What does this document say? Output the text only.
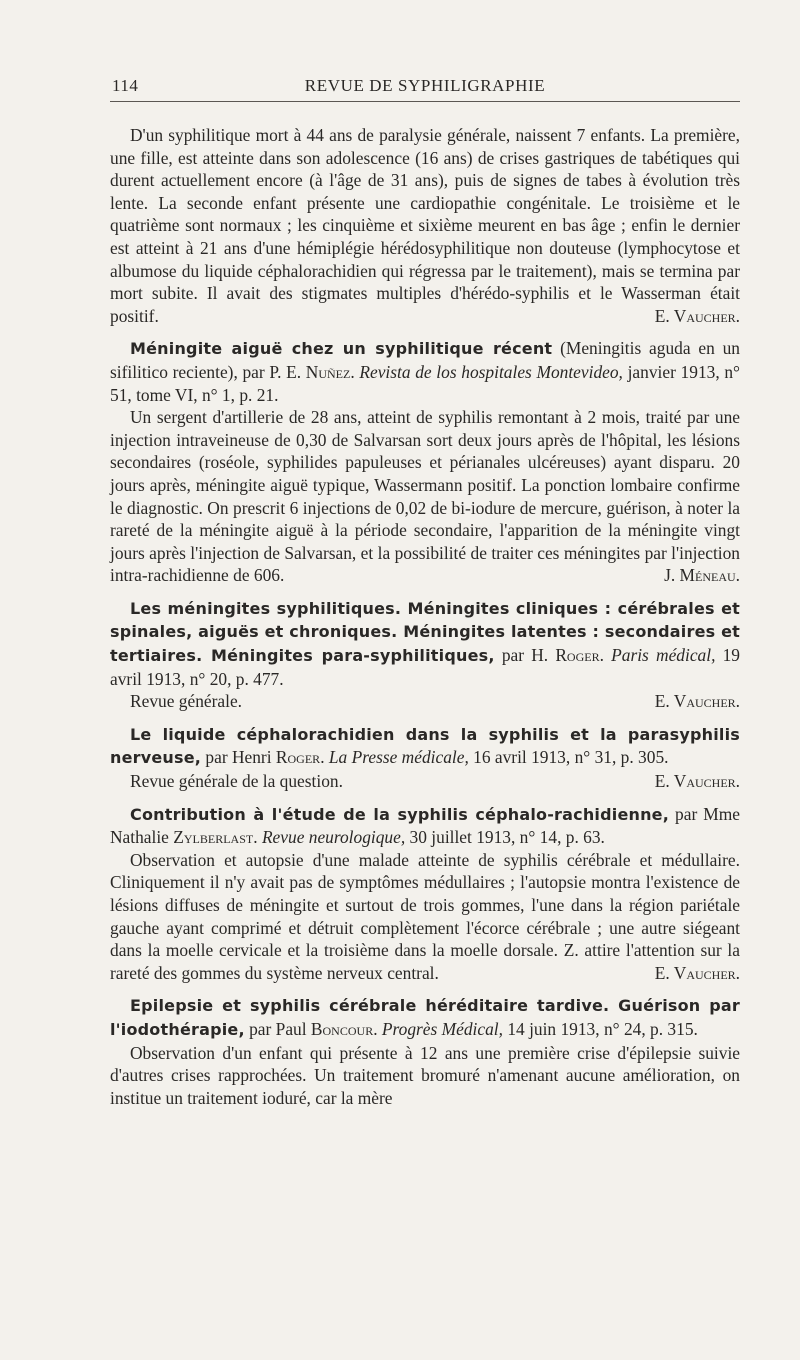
114	REVUE DE SYPHILIGRAPHIE

D'un syphilitique mort à 44 ans de paralysie générale, naissent 7 enfants. La première, une fille, est atteinte dans son adolescence (16 ans) de crises gastriques de tabétiques qui durent actuellement encore (à l'âge de 31 ans), puis de signes de tabes à évolution très lente. La seconde enfant présente une cardiopathie congénitale. Le troisième et le quatrième sont normaux ; les cinquième et sixième meurent en bas âge ; enfin le dernier est atteint à 21 ans d'une hémiplégie hérédosyphilitique non douteuse (lymphocytose et albumose du liquide céphalorachidien qui régressa par le traitement), mais se termina par mort subite. Il avait des stigmates multiples d'hérédo-syphilis et le Wasserman était positif.	E. Vaucher.

Méningite aiguë chez un syphilitique récent (Meningitis aguda en un sifilitico reciente), par P. E. Nuñez. Revista de los hospitales Montevideo, janvier 1913, n° 51, tome VI, n° 1, p. 21.

Un sergent d'artillerie de 28 ans, atteint de syphilis remontant à 2 mois, traité par une injection intraveineuse de 0,30 de Salvarsan sort deux jours après de l'hôpital, les lésions secondaires (roséole, syphilides papuleuses et périanales ulcéreuses) ayant disparu. 20 jours après, méningite aiguë typique, Wassermann positif. La ponction lombaire confirme le diagnostic. On prescrit 6 injections de 0,02 de bi-iodure de mercure, guérison, à noter la rareté de la méningite aiguë à la période secondaire, l'apparition de la méningite vingt jours après l'injection de Salvarsan, et la possibilité de traiter ces méningites par l'injection intra-rachidienne de 606.	J. Méneau.

Les méningites syphilitiques. Méningites cliniques : cérébrales et spinales, aiguës et chroniques. Méningites latentes : secondaires et tertiaires. Méningites para-syphilitiques, par H. Roger. Paris médical, 19 avril 1913, n° 20, p. 477.

Revue générale.	E. Vaucher.

Le liquide céphalorachidien dans la syphilis et la parasyphilis nerveuse, par Henri Roger. La Presse médicale, 16 avril 1913, n° 31, p. 305.

Revue générale de la question.	E. Vaucher.

Contribution à l'étude de la syphilis céphalo-rachidienne, par Mme Nathalie Zylberlast. Revue neurologique, 30 juillet 1913, n° 14, p. 63.

Observation et autopsie d'une malade atteinte de syphilis cérébrale et médullaire. Cliniquement il n'y avait pas de symptômes médullaires ; l'autopsie montra l'existence de lésions diffuses de méningite et surtout de trois gommes, l'une dans la région pariétale gauche ayant comprimé et détruit complètement l'écorce cérébrale ; une autre siégeant dans la moelle cervicale et la troisième dans la moelle dorsale. Z. attire l'attention sur la rareté des gommes du système nerveux central.	E. Vaucher.

Epilepsie et syphilis cérébrale héréditaire tardive. Guérison par l'iodothérapie, par Paul Boncour. Progrès Médical, 14 juin 1913, n° 24, p. 315.

Observation d'un enfant qui présente à 12 ans une première crise d'épilepsie suivie d'autres crises rapprochées. Un traitement bromuré n'amenant aucune amélioration, on institue un traitement ioduré, car la mère
